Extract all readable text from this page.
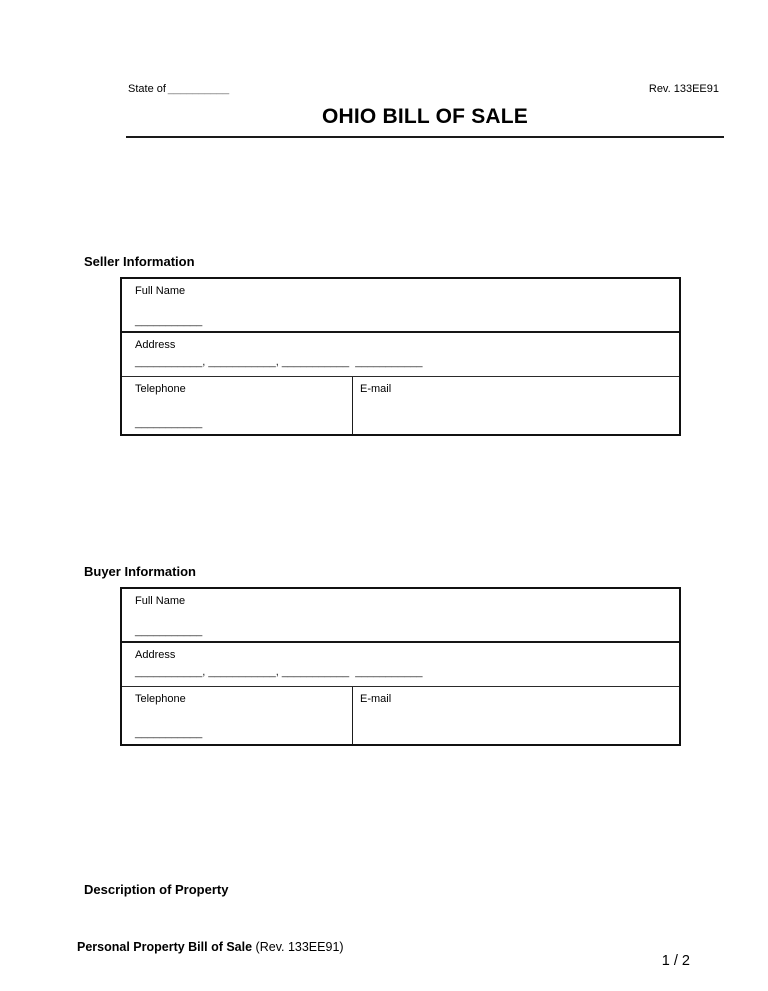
State of __________	Rev. 133EE91
OHIO BILL OF SALE
Seller Information
Full Name
___________
Address
___________, ___________, ___________  ___________
Telephone
___________
E-mail
Buyer Information
Full Name
___________
Address
___________, ___________, ___________  ___________
Telephone
___________
E-mail
Description of Property
Personal Property Bill of Sale (Rev. 133EE91)
1 / 2
